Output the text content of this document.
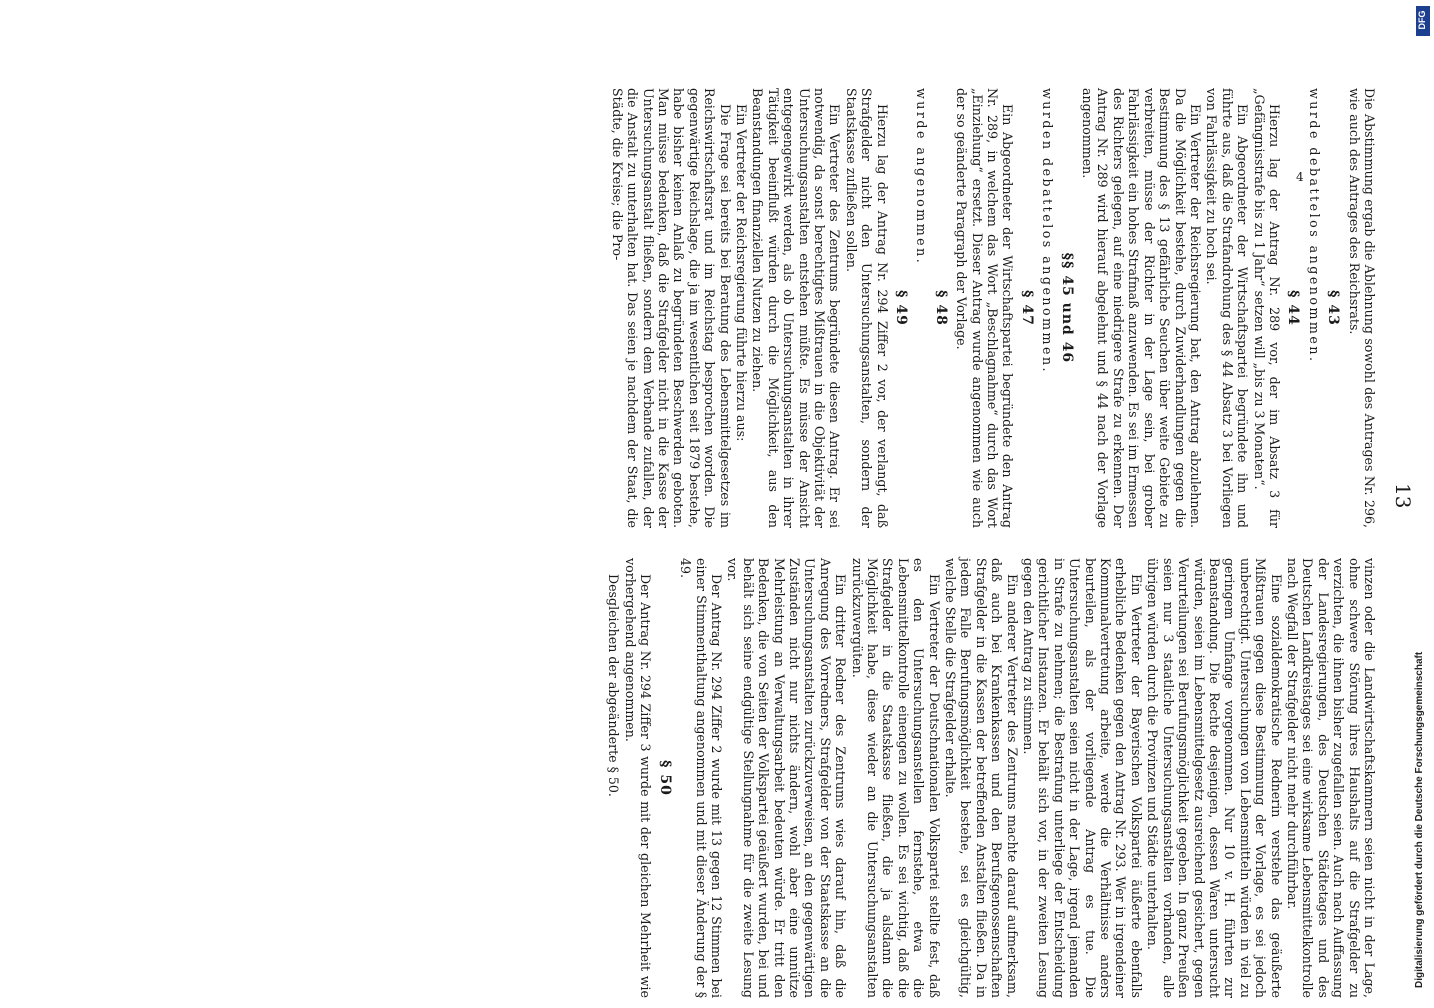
13

Die Abstimmung ergab die Ablehnung sowohl des Antrages Nr. 296, wie auch des Antrages des Reichsrats.

§ 43

wurde debattelos angenommen.

§ 44

Hierzu lag der Antrag Nr. 289 vor, der im Absatz 3 für „Gefängnisstrafe bis zu 1 Jahr“ setzen will „bis zu 3 Monaten“.

Ein Abgeordneter der Wirtschaftspartei begründete ihn und führte aus, daß die Strafandrohung des § 44 Absatz 3 bei Vorliegen von Fahrlässigkeit zu hoch sei.

Ein Vertreter der Reichsregierung bat, den Antrag abzulehnen. Da die Möglichkeit bestehe, durch Zuwiderhandlungen gegen die Bestimmung des § 13 gefährliche Seuchen über weite Gebiete zu verbreiten, müsse der Richter in der Lage sein, bei grober Fahrlässigkeit ein hohes Strafmaß anzuwenden. Es sei im Ermessen des Richters gelegen, auf eine niedrigere Strafe zu erkennen. Der Antrag Nr. 289 wird hierauf abgelehnt und § 44 nach der Vorlage angenommen.

§§ 45 und 46

wurden debattelos angenommen.

§ 47

Ein Abgeordneter der Wirtschaftspartei begründete den Antrag Nr. 289, in welchem das Wort „Beschlagnahme“ durch das Wort „Einziehung“ ersetzt. Dieser Antrag wurde angenommen wie auch der so geänderte Paragraph der Vorlage.

§ 48

wurde angenommen.

§ 49

Hierzu lag der Antrag Nr. 294 Ziffer 2 vor, der verlangt, daß Strafgelder nicht den Untersuchungsanstalten, sondern der Staatskasse zufließen sollen.

Ein Vertreter des Zentrums begründete diesen Antrag. Er sei notwendig, da sonst berechtigtes Mißtrauen in die Objektivität der Untersuchungsanstalten entstehen müßte. Es müsse der Ansicht entgegengewirkt werden, als ob Untersuchungsanstalten in ihrer Tätigkeit beeinflußt würden durch die Möglichkeit, aus den Beanstandungen finanziellen Nutzen zu ziehen.

Ein Vertreter der Reichsregierung führte hierzu aus:

Die Frage sei bereits bei Beratung des Lebensmittelgesetzes im Reichswirtschaftsrat und im Reichstag besprochen worden. Die gegenwärtige Reichslage, die ja im wesentlichen seit 1879 bestehe, habe bisher keinen Anlaß zu begründeten Beschwerden geboten. Man müsse bedenken, daß die Strafgelder nicht in die Kasse der Untersuchungsanstalt fließen, sondern dem Verbande zufallen, der die Anstalt zu unterhalten hat. Das seien je nachdem der Staat, die Städte, die Kreise; die Pro-

vinzen oder die Landwirtschaftskammern seien nicht in der Lage, ohne schwere Störung ihres Haushalts auf die Strafgelder zu verzichten, die ihnen bisher zugefallen seien. Auch nach Auffassung der Landesregierungen, des Deutschen Städtetages und des Deutschen Landkreistages sei eine wirksame Lebensmittelkontrolle nach Wegfall der Strafgelder nicht mehr durchführbar.

Eine sozialdemokratische Rednerin verstehe das geäußerte Mißtrauen gegen diese Bestimmung der Vorlage, es sei jedoch unberechtigt. Untersuchungen von Lebensmitteln würden in viel zu geringem Umfange vorgenommen. Nur 10 v. H. führten zur Beanstandung. Die Rechte desjenigen, dessen Waren untersucht würden, seien im Lebensmittelgesetz ausreichend gesichert, gegen Verurteilungen sei Berufungsmöglichkeit gegeben. In ganz Preußen seien nur 3 staatliche Untersuchungsanstalten vorhanden, alle übrigen würden durch die Provinzen und Städte unterhalten.

Ein Vertreter der Bayerischen Volkspartei äußerte ebenfalls erhebliche Bedenken gegen den Antrag Nr. 293. Wer in irgendeiner Kommunalvertretung arbeite, werde die Verhältnisse anders beurteilen, als der vorliegende Antrag es tue. Die Untersuchungsanstalten seien nicht in der Lage, irgend jemanden in Strafe zu nehmen; die Bestrafung unterliege der Entscheidung gerichtlicher Instanzen. Er behält sich vor, in der zweiten Lesung gegen den Antrag zu stimmen.

Ein anderer Vertreter des Zentrums machte darauf aufmerksam, daß auch bei Krankenkassen und den Berufsgenossenschaften Strafgelder in die Kassen der betreffenden Anstalten fließen. Da in jedem Falle Berufungsmöglichkeit bestehe, sei es gleichgültig, welche Stelle die Strafgelder erhalte.

Ein Vertreter der Deutschnationalen Volkspartei stellte fest, daß es den Untersuchungsanstellen fernstehe, etwa die Lebensmittelkontrolle einengen zu wollen. Es sei wichtig, daß die Strafgelder in die Staatskasse fließen, die ja alsdann die Möglichkeit habe, diese wieder an die Untersuchungsanstalten zurückzuvergüten.

Ein dritter Redner des Zentrums wies darauf hin, daß die Anregung des Vorredners, Strafgelder von der Staatskasse an die Untersuchungsanstalten zurückzuverweisen, an den gegenwärtigen Zuständen nicht nur nichts ändern, wohl aber eine unnütze Mehrleistung an Verwaltungsarbeit bedeuten würde. Er tritt den Bedenken, die von Seiten der Volkspartei geäußert wurden, bei und behält sich seine endgültige Stellungnahme für die zweite Lesung vor.

Der Antrag Nr. 294 Ziffer 2 wurde mit 13 gegen 12 Stimmen bei einer Stimmenthaltung angenommen und mit dieser Änderung der § 49.

§ 50

Der Antrag Nr. 294 Ziffer 3 wurde mit der gleichen Mehrheit wie vorhergehend angenommen.

Desgleichen der abgeänderte § 50.

4
DFG
Digitalisierung gefördert durch die Deutsche Forschungsgemeinschaft
